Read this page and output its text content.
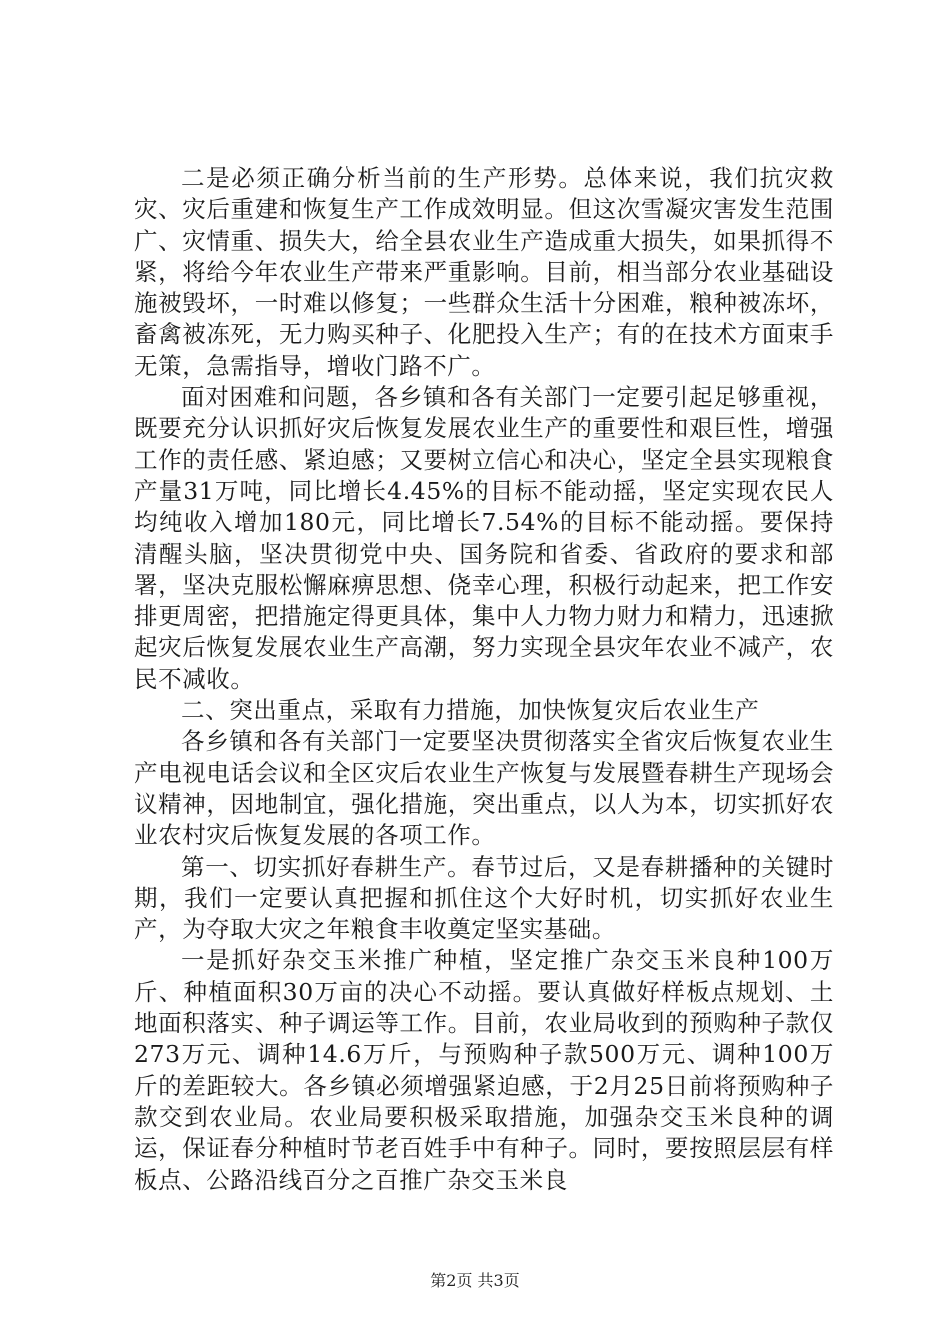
二是必须正确分析当前的生产形势。总体来说，我们抗灾救灾、灾后重建和恢复生产工作成效明显。但这次雪凝灾害发生范围广、灾情重、损失大，给全县农业生产造成重大损失，如果抓得不紧，将给今年农业生产带来严重影响。目前，相当部分农业基础设施被毁坏，一时难以修复；一些群众生活十分困难，粮种被冻坏，畜禽被冻死，无力购买种子、化肥投入生产；有的在技术方面束手无策，急需指导，增收门路不广。

面对困难和问题，各乡镇和各有关部门一定要引起足够重视，既要充分认识抓好灾后恢复发展农业生产的重要性和艰巨性，增强工作的责任感、紧迫感；又要树立信心和决心，坚定全县实现粮食产量31万吨，同比增长4.45%的目标不能动摇，坚定实现农民人均纯收入增加180元，同比增长7.54%的目标不能动摇。要保持清醒头脑，坚决贯彻党中央、国务院和省委、省政府的要求和部署，坚决克服松懈麻痹思想、侥幸心理，积极行动起来，把工作安排更周密，把措施定得更具体，集中人力物力财力和精力，迅速掀起灾后恢复发展农业生产高潮，努力实现全县灾年农业不减产，农民不减收。

二、突出重点，采取有力措施，加快恢复灾后农业生产

各乡镇和各有关部门一定要坚决贯彻落实全省灾后恢复农业生产电视电话会议和全区灾后农业生产恢复与发展暨春耕生产现场会议精神，因地制宜，强化措施，突出重点，以人为本，切实抓好农业农村灾后恢复发展的各项工作。

第一、切实抓好春耕生产。春节过后，又是春耕播种的关键时期，我们一定要认真把握和抓住这个大好时机，切实抓好农业生产，为夺取大灾之年粮食丰收奠定坚实基础。

一是抓好杂交玉米推广种植，坚定推广杂交玉米良种100万斤、种植面积30万亩的决心不动摇。要认真做好样板点规划、土地面积落实、种子调运等工作。目前，农业局收到的预购种子款仅273万元、调种14.6万斤，与预购种子款500万元、调种100万斤的差距较大。各乡镇必须增强紧迫感，于2月25日前将预购种子款交到农业局。农业局要积极采取措施，加强杂交玉米良种的调运，保证春分种植时节老百姓手中有种子。同时，要按照层层有样板点、公路沿线百分之百推广杂交玉米良

第2页 共3页
